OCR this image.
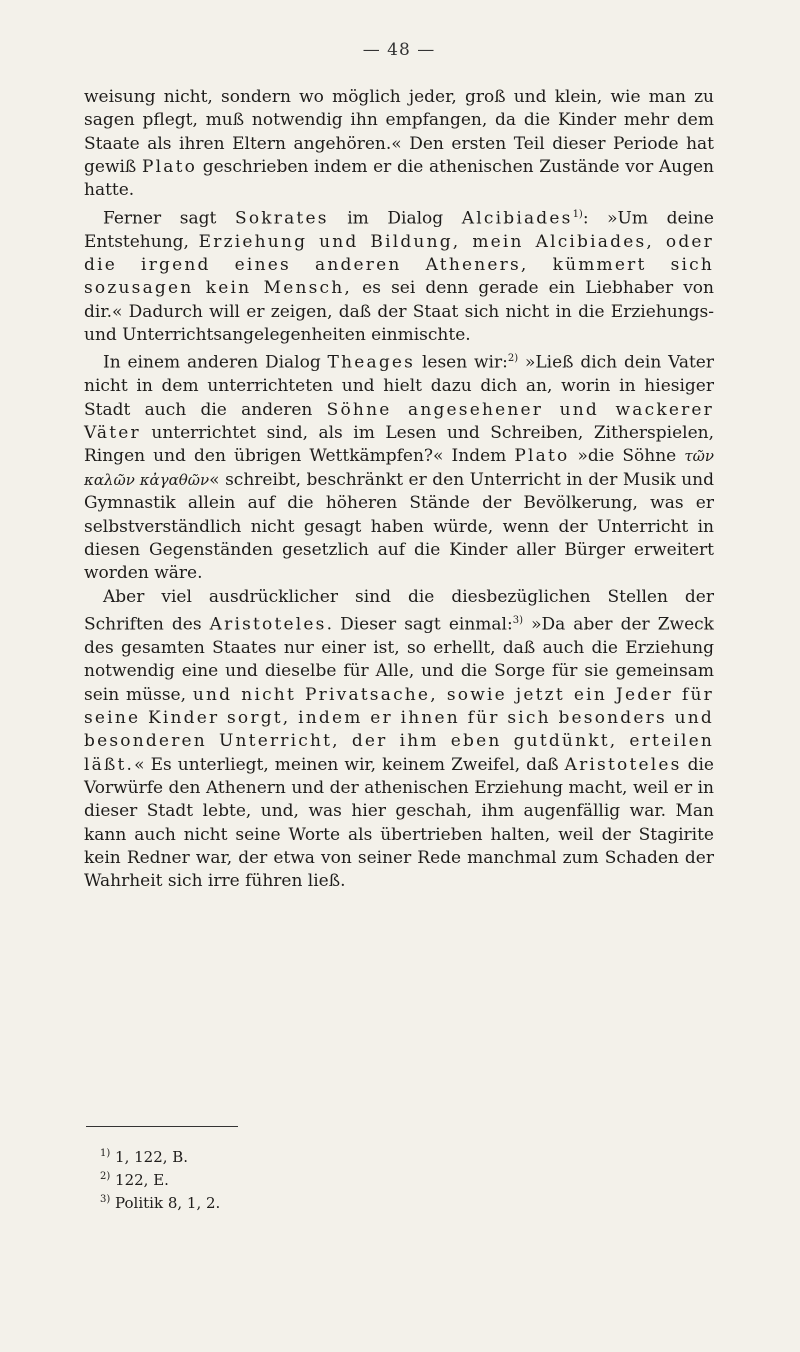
— 48 —

weisung nicht, sondern wo möglich jeder, groß und klein, wie man zu sagen pflegt, muß notwendig ihn empfangen, da die Kinder mehr dem Staate als ihren Eltern angehören.« Den ersten Teil dieser Periode hat gewiß Plato geschrieben indem er die athenischen Zustände vor Augen hatte.

Ferner sagt Sokrates im Dialog Alcibiades$^{1)}$: »Um deine Entstehung, Erziehung und Bildung, mein Alcibiades, oder die irgend eines anderen Atheners, kümmert sich sozusagen kein Mensch, es sei denn gerade ein Liebhaber von dir.« Dadurch will er zeigen, daß der Staat sich nicht in die Erziehungs- und Unterrichtsangelegenheiten einmischte.

In einem anderen Dialog Theages lesen wir:$^{2)}$ »Ließ dich dein Vater nicht in dem unterrichteten und hielt dazu dich an, worin in hiesiger Stadt auch die anderen Söhne angesehener und wackerer Väter unterrichtet sind, als im Lesen und Schreiben, Zitherspielen, Ringen und den übrigen Wettkämpfen?« Indem Plato »die Söhne τῶν καλῶν κἀγαθῶν« schreibt, beschränkt er den Unterricht in der Musik und Gymnastik allein auf die höheren Stände der Bevölkerung, was er selbstverständlich nicht gesagt haben würde, wenn der Unterricht in diesen Gegenständen gesetzlich auf die Kinder aller Bürger erweitert worden wäre.

Aber viel ausdrücklicher sind die diesbezüglichen Stellen der Schriften des Aristoteles. Dieser sagt einmal:$^{3)}$ »Da aber der Zweck des gesamten Staates nur einer ist, so erhellt, daß auch die Erziehung notwendig eine und dieselbe für Alle, und die Sorge für sie gemeinsam sein müsse, und nicht Privatsache, sowie jetzt ein Jeder für seine Kinder sorgt, indem er ihnen für sich besonders und besonderen Unterricht, der ihm eben gutdünkt, erteilen läßt.« Es unterliegt, meinen wir, keinem Zweifel, daß Aristoteles die Vorwürfe den Athenern und der athenischen Erziehung macht, weil er in dieser Stadt lebte, und, was hier geschah, ihm augenfällig war. Man kann auch nicht seine Worte als übertrieben halten, weil der Stagirite kein Redner war, der etwa von seiner Rede manchmal zum Schaden der Wahrheit sich irre führen ließ.

$^{1)}$ 1, 122, B.
$^{2)}$ 122, E.
$^{3)}$ Politik 8, 1, 2.
